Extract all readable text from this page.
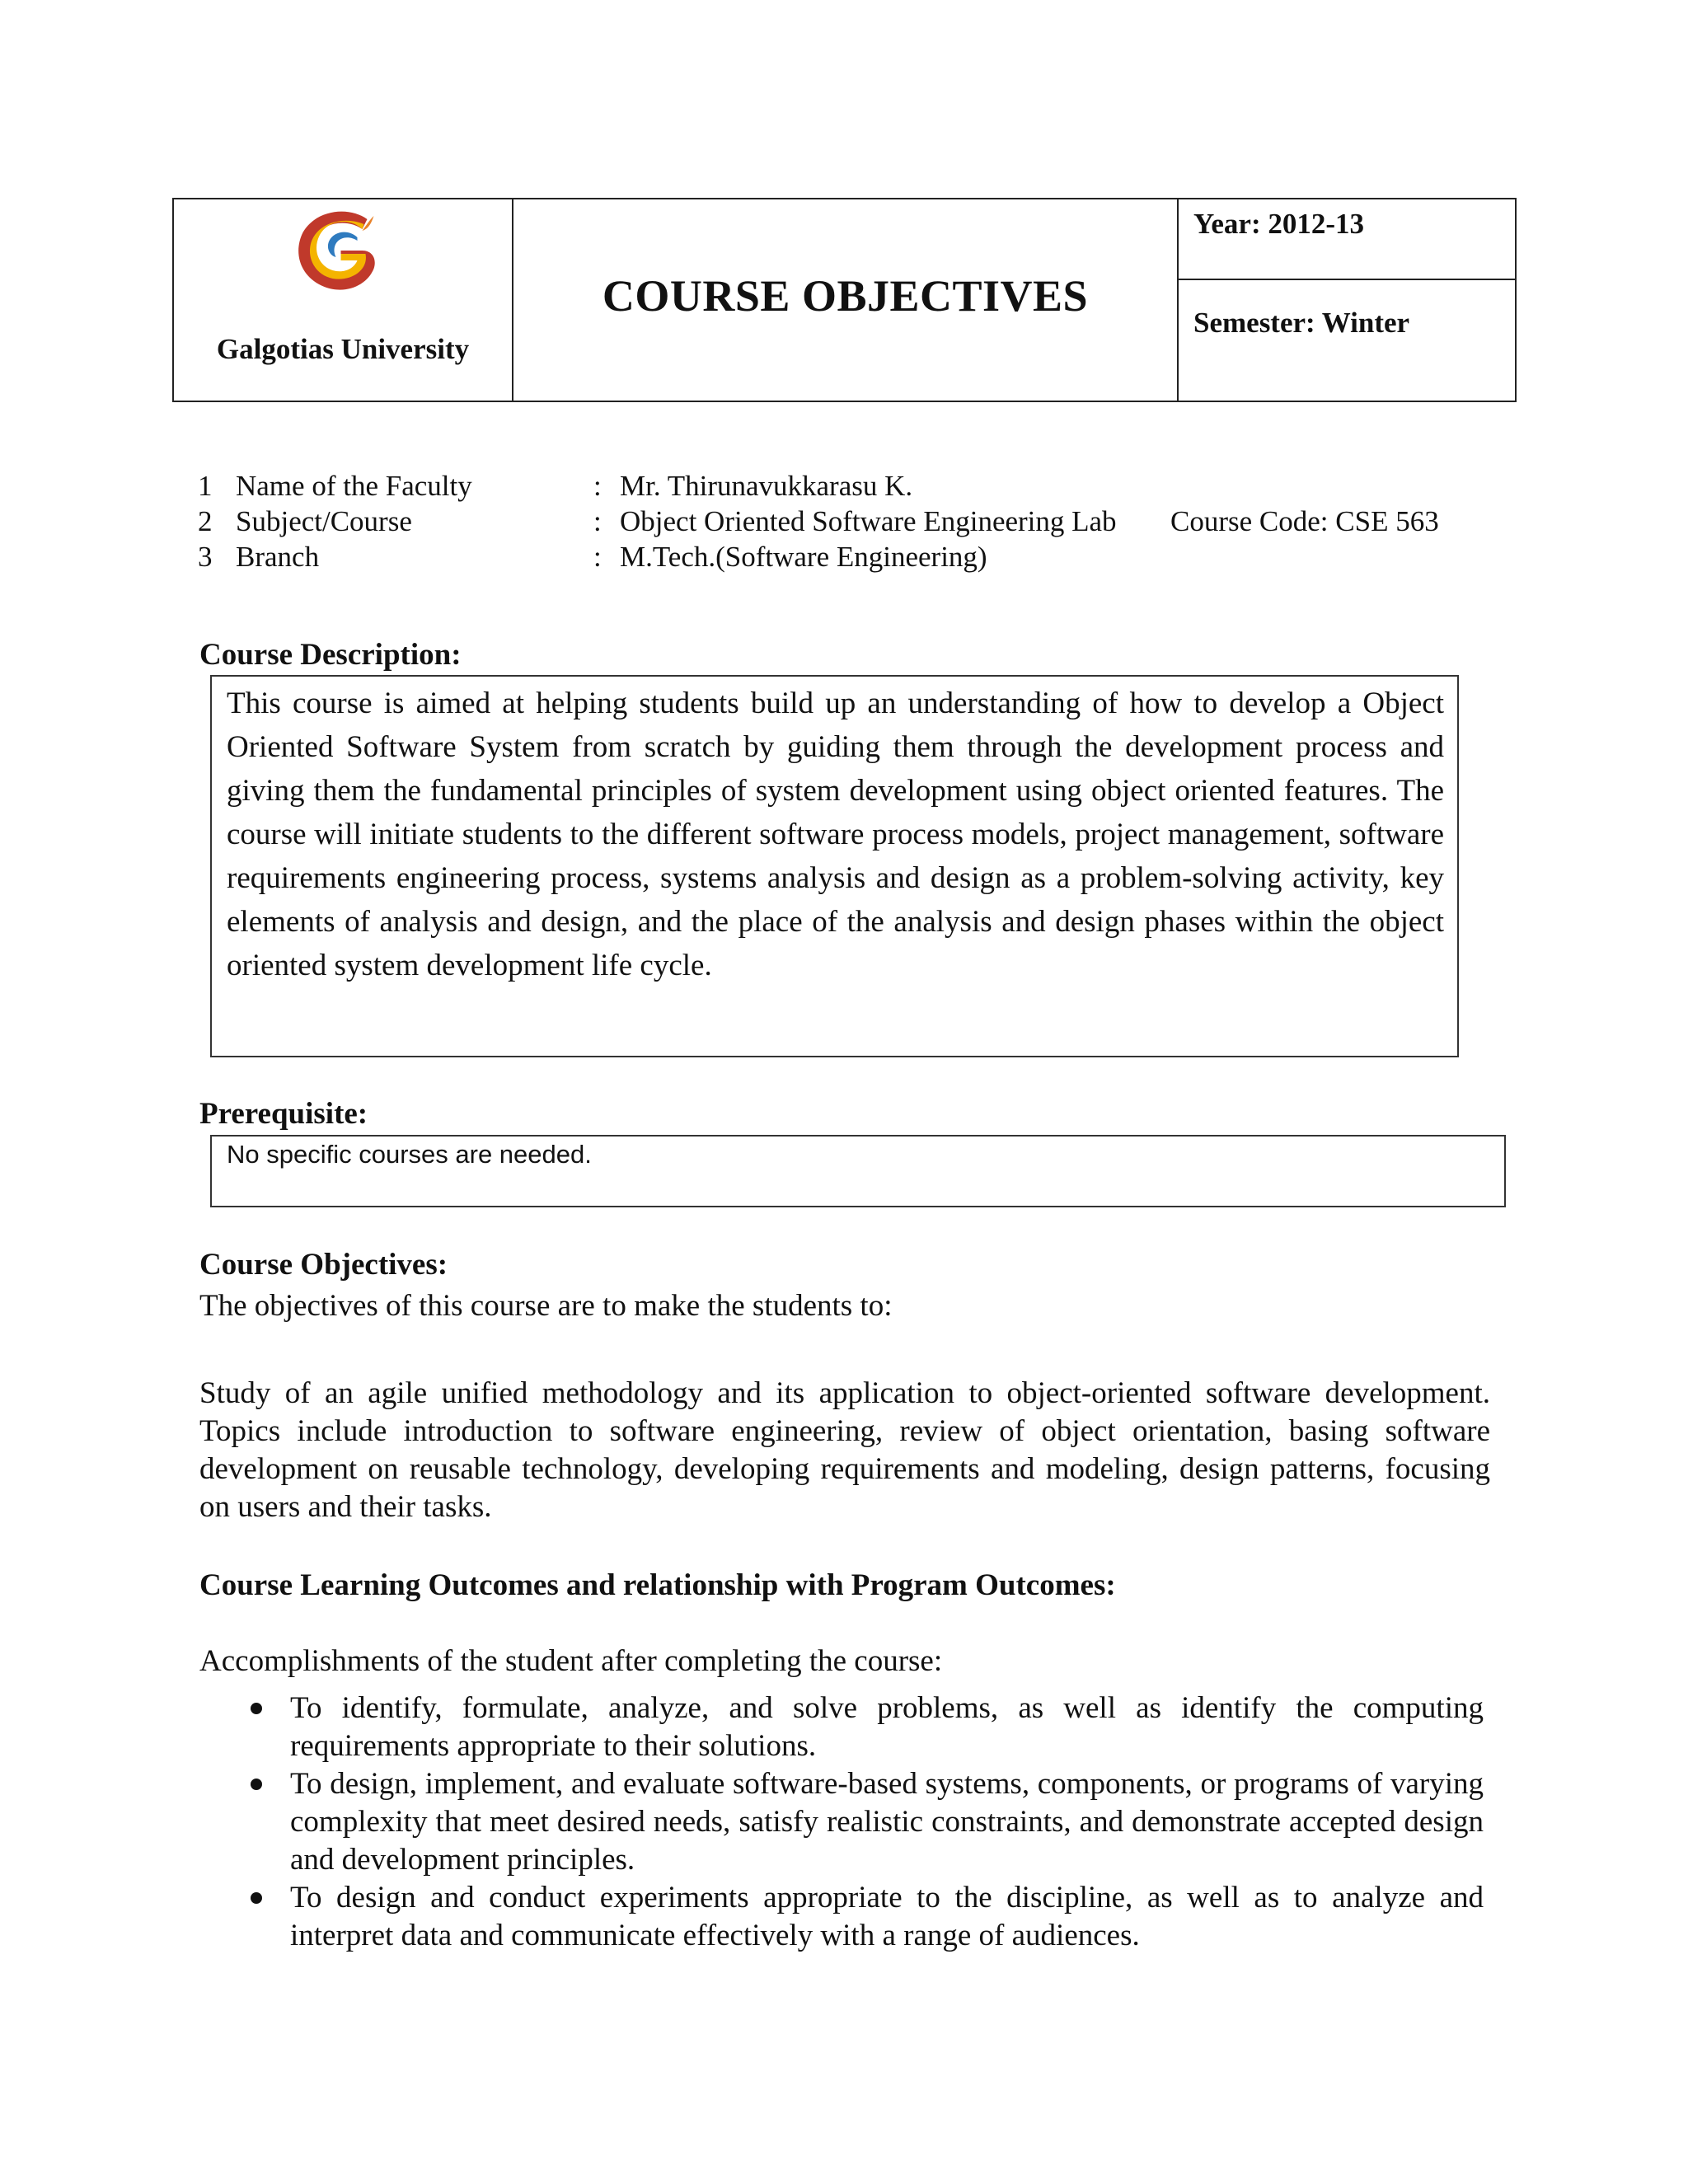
Galgotias University
COURSE OBJECTIVES
Year: 2012-13
Semester: Winter
1 Name of the Faculty	: Mr. Thirunavukkarasu K.
2 Subject/Course	: Object Oriented Software Engineering Lab Course Code: CSE 563
3 Branch	: M.Tech.(Software Engineering)
Course Description:
This course is aimed at helping students build up an understanding of how to develop a Object Oriented Software System from scratch by guiding them through the development process and giving them the fundamental principles of system development using object oriented features. The course will initiate students to the different software process models, project management, software requirements engineering process, systems analysis and design as a problem-solving activity, key elements of analysis and design, and the place of the analysis and design phases within the object oriented system development life cycle.
Prerequisite:
No specific courses are needed.
Course Objectives:
The objectives of this course are to make the students to:
Study of an agile unified methodology and its application to object-oriented software development. Topics include introduction to software engineering, review of object orientation, basing software development on reusable technology, developing requirements and modeling, design patterns, focusing on users and their tasks.
Course Learning Outcomes and relationship with Program Outcomes:
Accomplishments of the student after completing the course:
To identify, formulate, analyze, and solve problems, as well as identify the computing requirements appropriate to their solutions.
To design, implement, and evaluate software-based systems, components, or programs of varying complexity that meet desired needs, satisfy realistic constraints, and demonstrate accepted design and development principles.
To design and conduct experiments appropriate to the discipline, as well as to analyze and interpret data and communicate effectively with a range of audiences.
